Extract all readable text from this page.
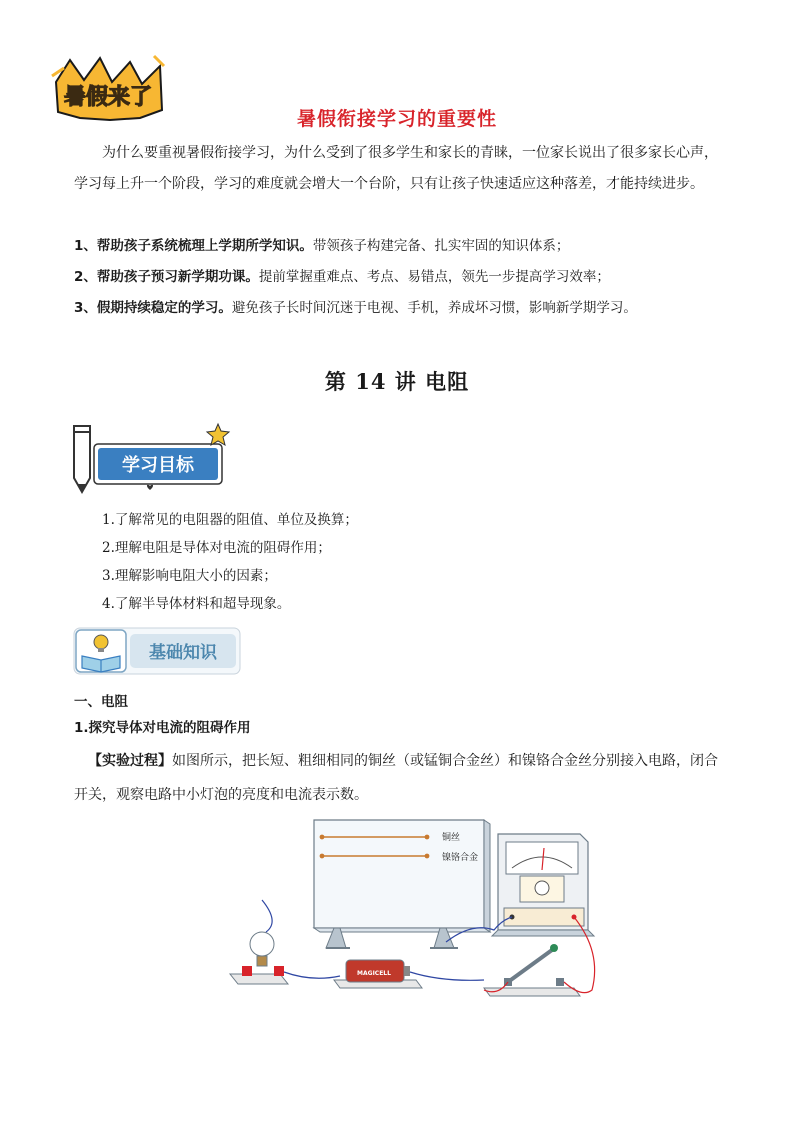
暑假来了
暑假衔接学习的重要性

为什么要重视暑假衔接学习，为什么受到了很多学生和家长的青睐，一位家长说出了很多家长心声，学习每上升一个阶段，学习的难度就会增大一个台阶，只有让孩子快速适应这种落差，才能持续进步。

1、帮助孩子系统梳理上学期所学知识。带领孩子构建完备、扎实牢固的知识体系；
2、帮助孩子预习新学期功课。提前掌握重难点、考点、易错点，领先一步提高学习效率；
3、假期持续稳定的学习。避免孩子长时间沉迷于电视、手机，养成坏习惯，影响新学期学习。
第 14 讲 电阻
学习目标
1.了解常见的电阻器的阻值、单位及换算；
2.理解电阻是导体对电流的阻碍作用；
3.理解影响电阻大小的因素；
4.了解半导体材料和超导现象。
基础知识
一、电阻
1.探究导体对电流的阻碍作用

【实验过程】如图所示，把长短、粗细相同的铜丝（或锰铜合金丝）和镍铬合金丝分别接入电路，闭合开关，观察电路中小灯泡的亮度和电流表示数。

铜丝
镍铬合金
MAGICELL
